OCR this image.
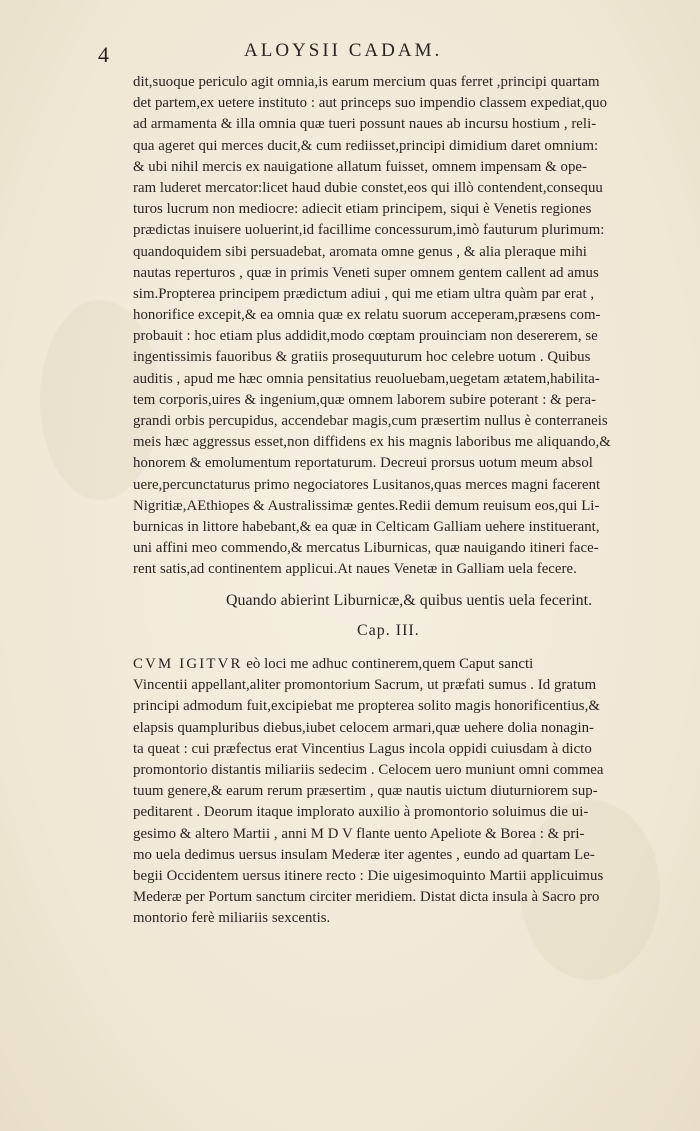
4	ALOYSII CADAM.
dit,suoque periculo agit omnia,is earum mercium quas ferret ,principi quartam
det partem,ex uetere instituto : aut princeps suo impendio classem expediat,quo
ad armamenta & illa omnia quæ tueri possunt naues ab incursu hostium , reli-
qua ageret qui merces ducit,& cum rediisset,principi dimidium daret omnium:
& ubi nihil mercis ex nauigatione allatum fuisset, omnem impensam & ope-
ram luderet mercator:licet haud dubie constet,eos qui illò contendent,consequu
turos lucrum non mediocre: adiecit etiam principem, siqui è Venetis regiones
prædictas inuisere uoluerint,id facillime concessurum,imò fauturum plurimum:
quandoquidem sibi persuadebat, aromata omne genus , & alia pleraque mihi
nautas reperturos , quæ in primis Veneti super omnem gentem callent ad amus
sim.Propterea principem prædictum adiui , qui me etiam ultra quàm par erat ,
honorifice excepit,& ea omnia quæ ex relatu suorum acceperam,præsens com-
probauit : hoc etiam plus addidit,modo cœptam prouinciam non desererem, se
ingentissimis fauoribus & gratiis prosequuturum hoc celebre uotum . Quibus
auditis , apud me hæc omnia pensitatius reuoluebam,uegetam ætatem,habilita-
tem corporis,uires & ingenium,quæ omnem laborem subire poterant : & pera-
grandi orbis percupidus, accendebar magis,cum præsertim nullus è conterraneis
meis hæc aggressus esset,non diffidens ex his magnis laboribus me aliquando,&
honorem & emolumentum reportaturum. Decreui prorsus uotum meum absol
uere,percunctaturus primo negociatores Lusitanos,quas merces magni facerent
Nigritiæ,AEthiopes & Australissimæ gentes.Redii demum reuisum eos,qui Li-
burnicas in littore habebant,& ea quæ in Celticam Galliam uehere instituerant,
uni affini meo commendo,& mercatus Liburnicas, quæ nauigando itineri face-
rent satis,ad continentem applicui.At naues Venetæ in Galliam uela fecere.
Quando abierint Liburnicæ,& quibus uentis uela fecerint.
Cap. III.
CVM IGITVR eò loci me adhuc continerem,quem Caput sancti
Vincentii appellant,aliter promontorium Sacrum, ut præfati sumus . Id gratum
principi admodum fuit,excipiebat me propterea solito magis honorificentius,&
elapsis quampluribus diebus,iubet celocem armari,quæ uehere dolia nonagin-
ta queat : cui præfectus erat Vincentius Lagus incola oppidi cuiusdam à dicto
promontorio distantis miliariis sedecim . Celocem uero muniunt omni commea
tuum genere,& earum rerum præsertim , quæ nautis uictum diuturniorem sup-
peditarent . Deorum itaque implorato auxilio à promontorio soluimus die ui-
gesimo & altero Martii , anni M D V flante uento Apeliote & Borea : & pri-
mo uela dedimus uersus insulam Mederæ iter agentes , eundo ad quartam Le-
begii Occidentem uersus itinere recto : Die uigesimoquinto Martii applicuimus
Mederæ per Portum sanctum circiter meridiem. Distat dicta insula à Sacro pro
montorio ferè miliariis sexcentis.
